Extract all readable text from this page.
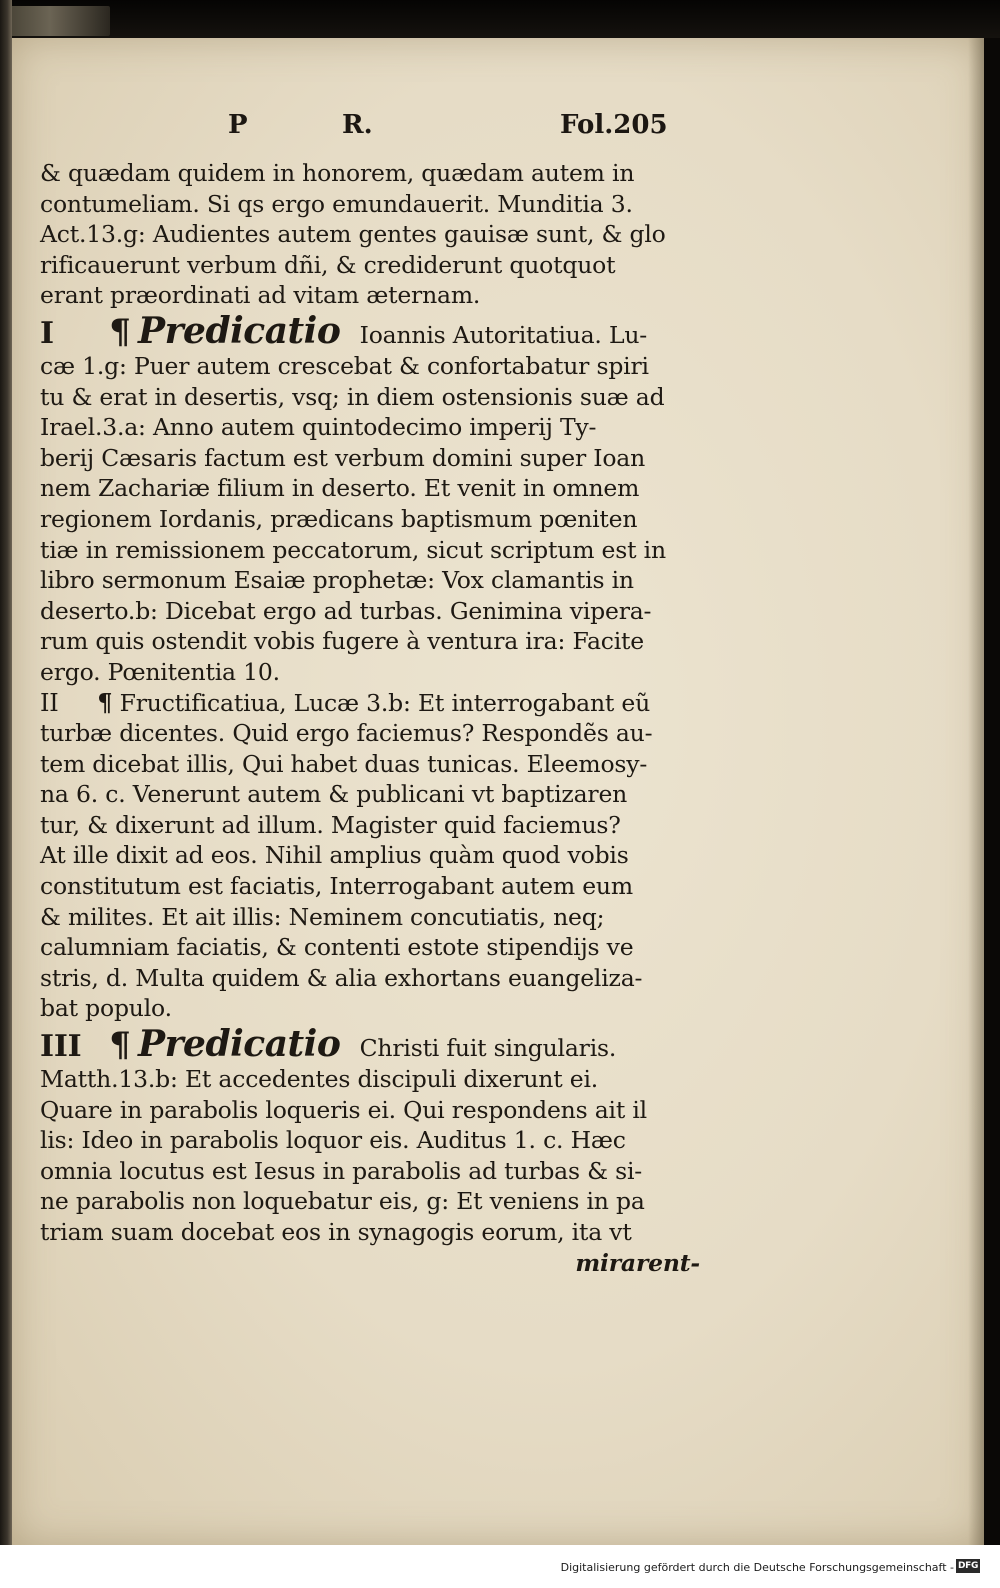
P	R.	Fol.205
& quædam quidem in honorem, quædam autem in
contumeliam. Si qs ergo emundauerit. Munditia 3.
Act.13.g: Audientes autem gentes gauisæ sunt, & glo
rificauerunt verbum dñi, & crediderunt quotquot
erant præordinati ad vitam æternam.
I ¶ Predicatio Ioannis Autoritatiua. Lu-
cæ 1.g: Puer autem crescebat & confortabatur spiri
tu & erat in desertis, vsq; in diem ostensionis suæ ad
Irael.3.a: Anno autem quintodecimo imperij Ty-
berij Cæsaris factum est verbum domini super Ioan
nem Zachariæ filium in deserto. Et venit in omnem
regionem Iordanis, prædicans baptismum pœniten
tiæ in remissionem peccatorum, sicut scriptum est in
libro sermonum Esaiæ prophetæ: Vox clamantis in
deserto.b: Dicebat ergo ad turbas. Genimina vipera-
rum quis ostendit vobis fugere à ventura ira: Facite
ergo. Pœnitentia 10.
II ¶ Fructificatiua, Lucæ 3.b: Et interrogabant eũ
turbæ dicentes. Quid ergo faciemus? Respondẽs au-
tem dicebat illis, Qui habet duas tunicas. Eleemosy-
na 6. c. Venerunt autem & publicani vt baptizaren
tur, & dixerunt ad illum. Magister quid faciemus?
At ille dixit ad eos. Nihil amplius quàm quod vobis
constitutum est faciatis, Interrogabant autem eum
& milites. Et ait illis: Neminem concutiatis, neq;
calumniam faciatis, & contenti estote stipendijs ve
stris, d. Multa quidem & alia exhortans euangeliza-
bat populo.
III ¶ Predicatio Christi fuit singularis.
Matth.13.b: Et accedentes discipuli dixerunt ei.
Quare in parabolis loqueris ei. Qui respondens ait il
lis: Ideo in parabolis loquor eis. Auditus 1. c. Hæc
omnia locutus est Iesus in parabolis ad turbas & si-
ne parabolis non loquebatur eis, g: Et veniens in pa
triam suam docebat eos in synagogis eorum, ita vt
mirarent-
Digitalisierung gefördert durch die Deutsche Forschungsgemeinschaft - DFG
